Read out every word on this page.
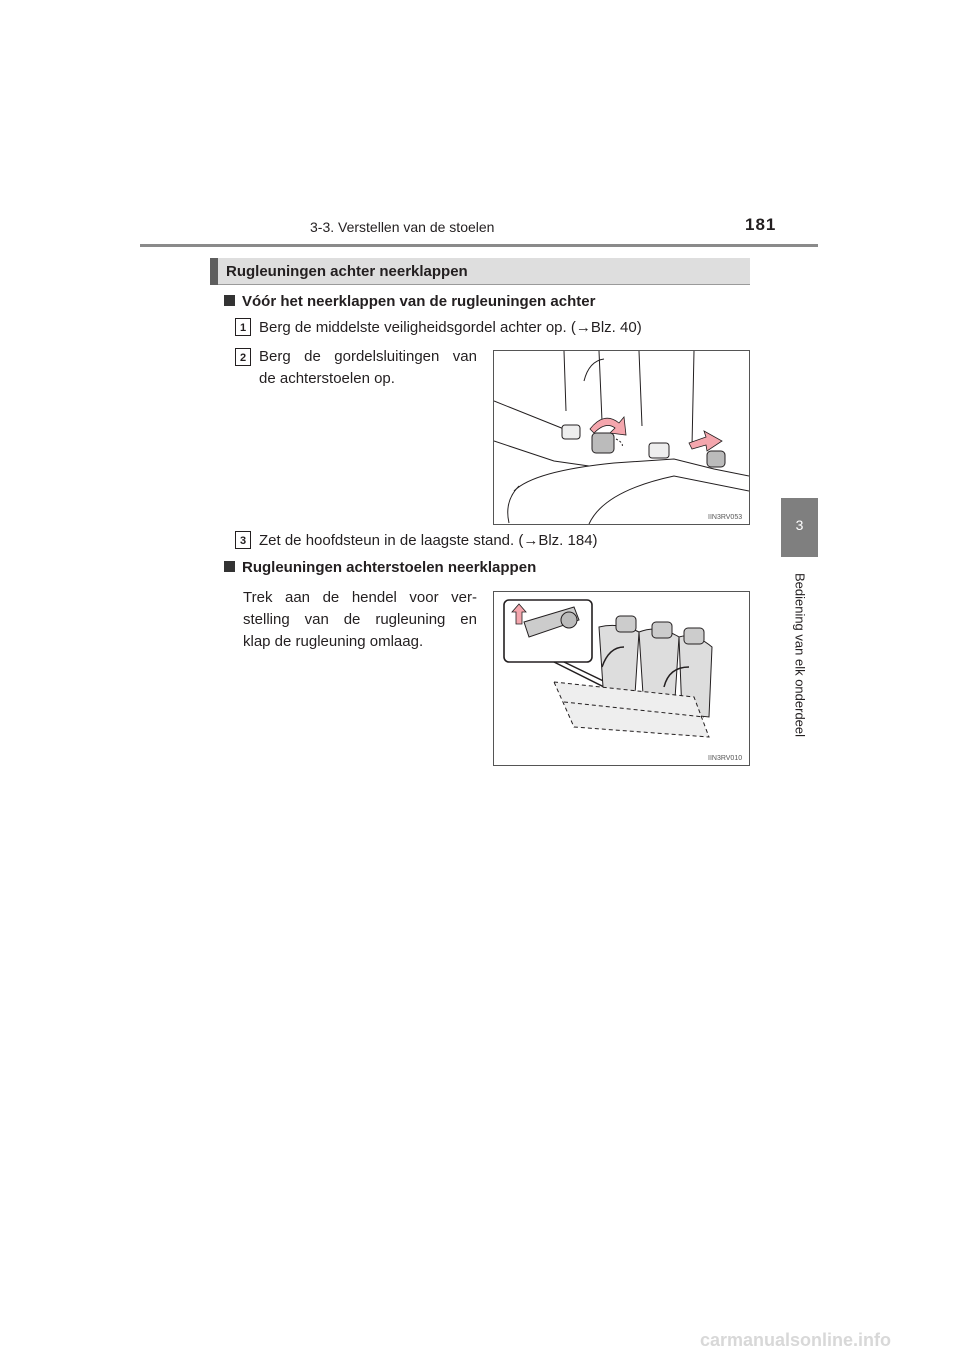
3-3. Verstellen van de stoelen	181
3
Bediening van elk onderdeel
Rugleuningen achter neerklappen
Vóór het neerklappen van de rugleuningen achter
1 Berg de middelste veiligheidsgordel achter op. (→Blz. 40)
2 Berg de gordelsluitingen van
de achterstoelen op.
IIN3RV053
3 Zet de hoofdsteun in de laagste stand. (→Blz. 184)
Rugleuningen achterstoelen neerklappen
Trek aan de hendel voor ver-
stelling van de rugleuning en
klap de rugleuning omlaag.
IIN3RV010
carmanualsonline.info
